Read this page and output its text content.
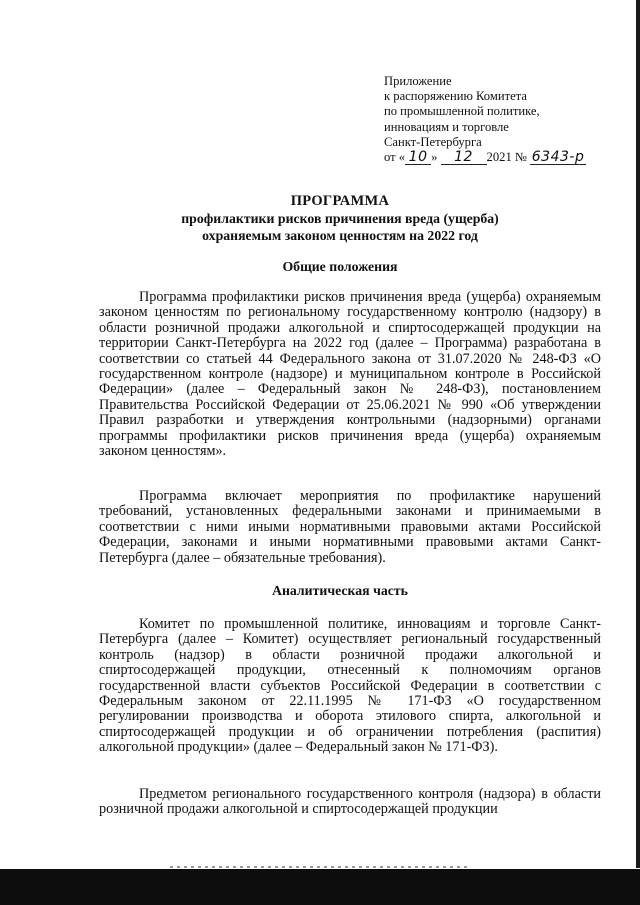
Приложение
к распоряжению Комитета
по промышленной политике,
инновациям и торговле
Санкт-Петербурга
от « 10 » 12 2021 № 6343-р
ПРОГРАММА
профилактики рисков причинения вреда (ущерба)
охраняемым законом ценностям на 2022 год
Общие положения
Программа профилактики рисков причинения вреда (ущерба) охраняемым законом ценностям по региональному государственному контролю (надзору) в области розничной продажи алкогольной и спиртосодержащей продукции на территории Санкт-Петербурга на 2022 год (далее – Программа) разработана в соответствии со статьей 44 Федерального закона от 31.07.2020 № 248-ФЗ «О государственном контроле (надзоре) и муниципальном контроле в Российской Федерации» (далее – Федеральный закон № 248-ФЗ), постановлением Правительства Российской Федерации от 25.06.2021 № 990 «Об утверждении Правил разработки и утверждения контрольными (надзорными) органами программы профилактики рисков причинения вреда (ущерба) охраняемым законом ценностям».
Программа включает мероприятия по профилактике нарушений требований, установленных федеральными законами и принимаемыми в соответствии с ними иными нормативными правовыми актами Российской Федерации, законами и иными нормативными правовыми актами Санкт-Петербурга (далее – обязательные требования).
Аналитическая часть
Комитет по промышленной политике, инновациям и торговле Санкт-Петербурга (далее – Комитет) осуществляет региональный государственный контроль (надзор) в области розничной продажи алкогольной и спиртосодержащей продукции, отнесенный к полномочиям органов государственной власти субъектов Российской Федерации в соответствии с Федеральным законом от 22.11.1995 № 171-ФЗ «О государственном регулировании производства и оборота этилового спирта, алкогольной и спиртосодержащей продукции и об ограничении потребления (распития) алкогольной продукции» (далее – Федеральный закон № 171-ФЗ).
Предметом регионального государственного контроля (надзора) в области розничной продажи алкогольной и спиртосодержащей продукции
